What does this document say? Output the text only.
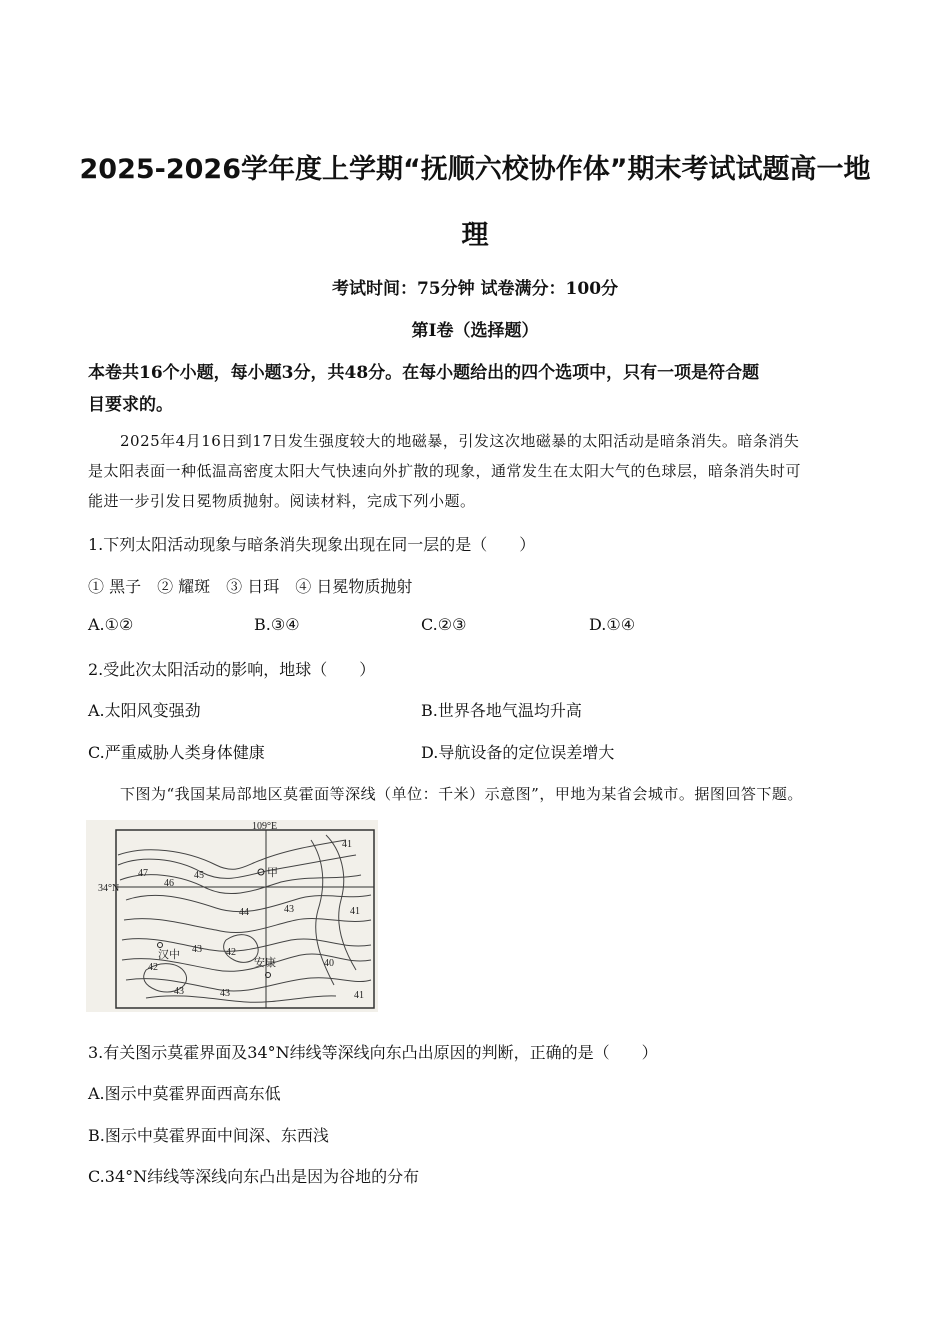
2025-2026学年度上学期“抚顺六校协作体”期末考试试题高一地
理
考试时间：75分钟 试卷满分：100分
第Ⅰ卷（选择题）
本卷共16个小题，每小题3分，共48分。在每小题给出的四个选项中，只有一项是符合题
目要求的。
2025年4月16日到17日发生强度较大的地磁暴，引发这次地磁暴的太阳活动是暗条消失。暗条消失
是太阳表面一种低温高密度太阳大气快速向外扩散的现象，通常发生在太阳大气的色球层，暗条消失时可
能进一步引发日冕物质抛射。阅读材料，完成下列小题。
1.下列太阳活动现象与暗条消失现象出现在同一层的是（　　）
① 黑子　② 耀斑　③ 日珥　④ 日冕物质抛射
A.①②	B.③④	C.②③	D.①④
2.受此次太阳活动的影响，地球（　　）
A.太阳风变强劲	B.世界各地气温均升高
C.严重威胁人类身体健康	D.导航设备的定位误差增大
下图为“我国某局部地区莫霍面等深线（单位：千米）示意图”，甲地为某省会城市。据图回答下题。
34°N
109°E
甲
汉中
安康
47
46
45
44	43
41
41
43 42
42
43	43
40
41
3.有关图示莫霍界面及34°N纬线等深线向东凸出原因的判断，正确的是（　　）
A.图示中莫霍界面西高东低
B.图示中莫霍界面中间深、东西浅
C.34°N纬线等深线向东凸出是因为谷地的分布
